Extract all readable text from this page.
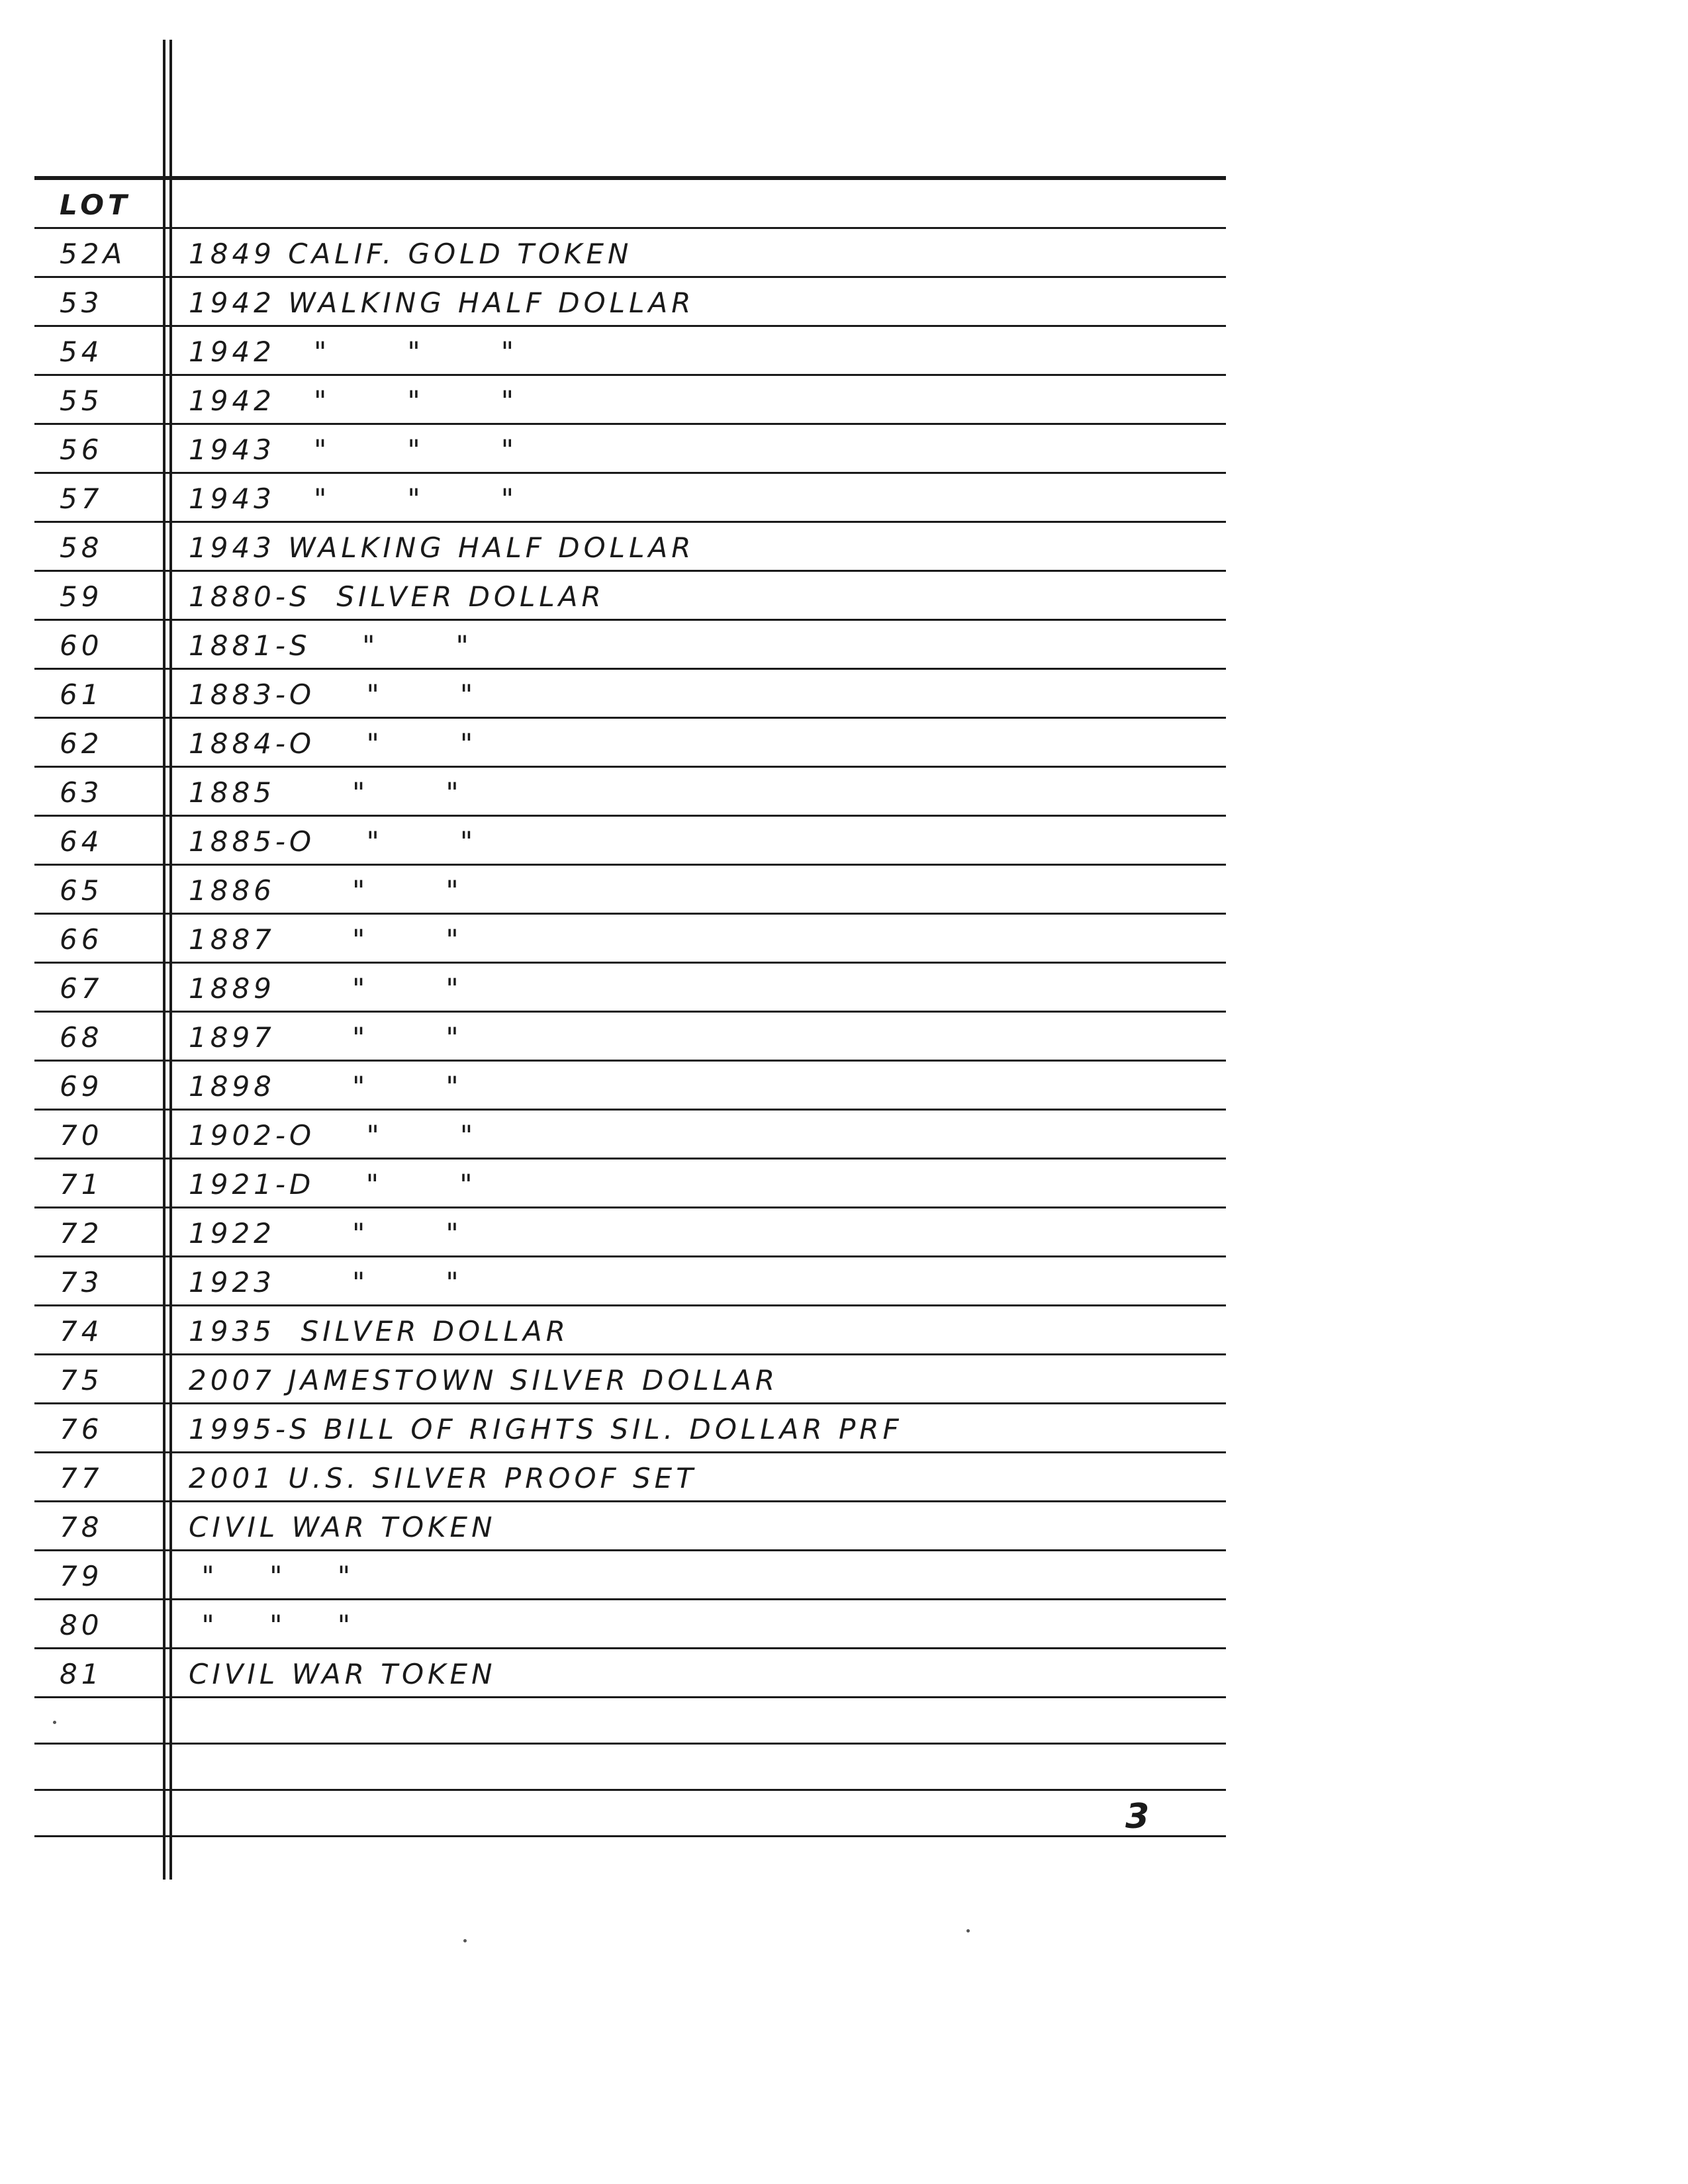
LOT
52A	1849 CALIF. GOLD TOKEN
53	1942 WALKING HALF DOLLAR
54	1942   "      "      "
55	1942   "      "      "
56	1943   "      "      "
57	1943   "      "      "
58	1943 WALKING HALF DOLLAR
59	1880-S  SILVER DOLLAR
60	1881-S    "      "
61	1883-O    "      "
62	1884-O    "      "
63	1885      "      "
64	1885-O    "      "
65	1886      "      "
66	1887      "      "
67	1889      "      "
68	1897      "      "
69	1898      "      "
70	1902-O    "      "
71	1921-D    "      "
72	1922      "      "
73	1923      "      "
74	1935  SILVER DOLLAR
75	2007 JAMESTOWN SILVER DOLLAR
76	1995-S BILL OF RIGHTS SIL. DOLLAR PRF
77	2001 U.S. SILVER PROOF SET
78	CIVIL WAR TOKEN
79	"    "    "
80	"    "    "
81	CIVIL WAR TOKEN
3
